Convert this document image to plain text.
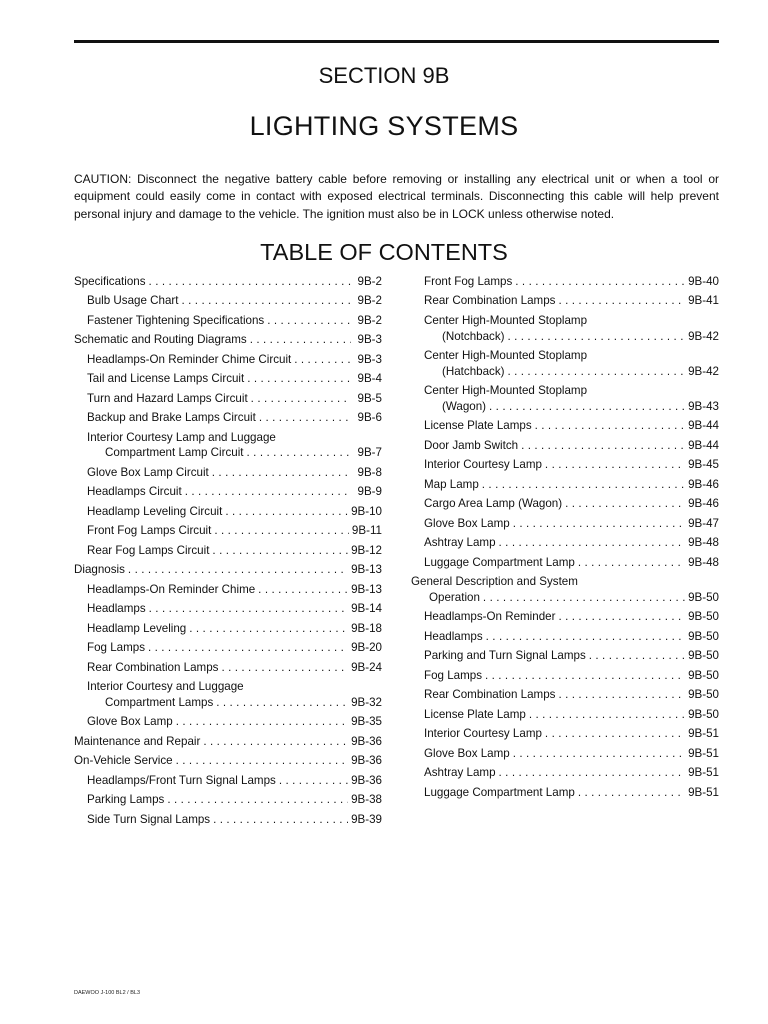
SECTION 9B
LIGHTING SYSTEMS
CAUTION: Disconnect the negative battery cable before removing or installing any electrical unit or when a tool or equipment could easily come in contact with exposed electrical terminals. Disconnecting this cable will help prevent personal injury and damage to the vehicle. The ignition must also be in LOCK unless otherwise noted.
TABLE OF CONTENTS
Specifications . . .	9B-2
Bulb Usage Chart . . .	9B-2
Fastener Tightening Specifications . . .	9B-2
Schematic and Routing Diagrams . . .	9B-3
Headlamps-On Reminder Chime Circuit . . .	9B-3
Tail and License Lamps Circuit . . .	9B-4
Turn and Hazard Lamps Circuit . . .	9B-5
Backup and Brake Lamps Circuit . . .	9B-6
Interior Courtesy Lamp and Luggage
Compartment Lamp Circuit . . .	9B-7
Glove Box Lamp Circuit . . .	9B-8
Headlamps Circuit . . .	9B-9
Headlamp Leveling Circuit . . .	9B-10
Front Fog Lamps Circuit . . .	9B-11
Rear Fog Lamps Circuit . . .	9B-12
Diagnosis . . .	9B-13
Headlamps-On Reminder Chime . . .	9B-13
Headlamps . . .	9B-14
Headlamp Leveling . . .	9B-18
Fog Lamps . . .	9B-20
Rear Combination Lamps . . .	9B-24
Interior Courtesy and Luggage
Compartment Lamps . . .	9B-32
Glove Box Lamp . . .	9B-35
Maintenance and Repair . . .	9B-36
On-Vehicle Service . . .	9B-36
Headlamps/Front Turn Signal Lamps . . .	9B-36
Parking Lamps . . .	9B-38
Side Turn Signal Lamps . . .	9B-39
Front Fog Lamps . . .	9B-40
Rear Combination Lamps . . .	9B-41
Center High-Mounted Stoplamp
(Notchback) . . .	9B-42
Center High-Mounted Stoplamp
(Hatchback) . . .	9B-42
Center High-Mounted Stoplamp
(Wagon) . . .	9B-43
License Plate Lamps . . .	9B-44
Door Jamb Switch . . .	9B-44
Interior Courtesy Lamp . . .	9B-45
Map Lamp . . .	9B-46
Cargo Area Lamp (Wagon) . . .	9B-46
Glove Box Lamp . . .	9B-47
Ashtray Lamp . . .	9B-48
Luggage Compartment Lamp . . .	9B-48
General Description and System
Operation . . .	9B-50
Headlamps-On Reminder . . .	9B-50
Headlamps . . .	9B-50
Parking and Turn Signal Lamps . . .	9B-50
Fog Lamps . . .	9B-50
Rear Combination Lamps . . .	9B-50
License Plate Lamp . . .	9B-50
Interior Courtesy Lamp . . .	9B-51
Glove Box Lamp . . .	9B-51
Ashtray Lamp . . .	9B-51
Luggage Compartment Lamp . . .	9B-51
DAEWOO J-100 BL2 / BL3
